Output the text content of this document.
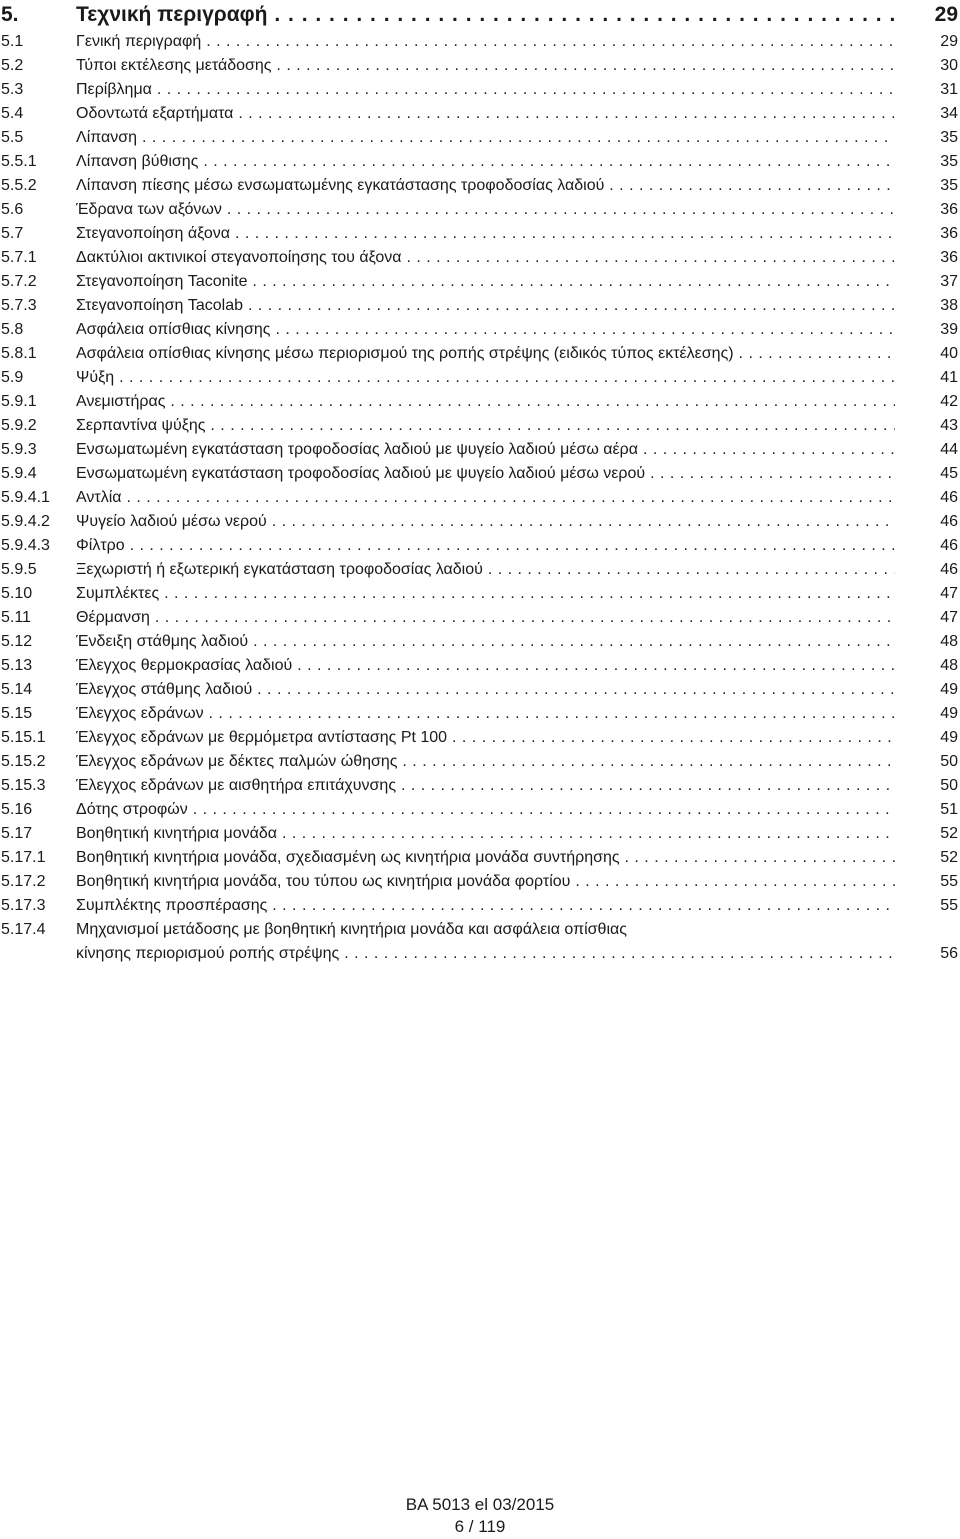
5.	Τεχνική περιγραφή . . .	29
5.1	Γενική περιγραφή . . .	29
5.2	Τύποι εκτέλεσης μετάδοσης . . .	30
5.3	Περίβλημα . . .	31
5.4	Οδοντωτά εξαρτήματα . . .	34
5.5	Λίπανση . . .	35
5.5.1 Λίπανση βύθισης . . .	35
5.5.2 Λίπανση πίεσης μέσω ενσωματωμένης εγκατάστασης τροφοδοσίας λαδιού . . .	35
5.6	Έδρανα των αξόνων . . .	36
5.7	Στεγανοποίηση άξονα . . .	36
5.7.1 Δακτύλιοι ακτινικοί στεγανοποίησης του άξονα . . .	36
5.7.2 Στεγανοποίηση Taconite . . .	37
5.7.3 Στεγανοποίηση Tacolab . . .	38
5.8	Ασφάλεια οπίσθιας κίνησης . . .	39
5.8.1 Ασφάλεια οπίσθιας κίνησης μέσω περιορισμού της ροπής στρέψης (ειδικός τύπος εκτέλεσης) . . .	40
5.9	Ψύξη . . .	41
5.9.1 Ανεμιστήρας . . .	42
5.9.2 Σερπαντίνα ψύξης . . .	43
5.9.3 Ενσωματωμένη εγκατάσταση τροφοδοσίας λαδιού με ψυγείο λαδιού μέσω αέρα . . .	44
5.9.4 Ενσωματωμένη εγκατάσταση τροφοδοσίας λαδιού με ψυγείο λαδιού μέσω νερού . . .	45
5.9.4.1 Αντλία . . .	46
5.9.4.2 Ψυγείο λαδιού μέσω νερού . . .	46
5.9.4.3 Φίλτρο . . .	46
5.9.5 Ξεχωριστή ή εξωτερική εγκατάσταση τροφοδοσίας λαδιού . . .	46
5.10	Συμπλέκτες . . .	47
5.11	Θέρμανση . . .	47
5.12	Ένδειξη στάθμης λαδιού . . .	48
5.13	Έλεγχος θερμοκρασίας λαδιού . . .	48
5.14	Έλεγχος στάθμης λαδιού . . .	49
5.15	Έλεγχος εδράνων . . .	49
5.15.1 Έλεγχος εδράνων με θερμόμετρα αντίστασης Pt 100 . . .	49
5.15.2 Έλεγχος εδράνων με δέκτες παλμών ώθησης . . .	50
5.15.3 Έλεγχος εδράνων με αισθητήρα επιτάχυνσης . . .	50
5.16	Δότης στροφών . . .	51
5.17	Βοηθητική κινητήρια μονάδα . . .	52
5.17.1 Βοηθητική κινητήρια μονάδα, σχεδιασμένη ως κινητήρια μονάδα συντήρησης . . .	52
5.17.2 Βοηθητική κινητήρια μονάδα, του τύπου ως κινητήρια μονάδα φορτίου . . .	55
5.17.3 Συμπλέκτης προσπέρασης . . .	55
5.17.4 Μηχανισμοί μετάδοσης με βοηθητική κινητήρια μονάδα και ασφάλεια οπίσθιας
κίνησης περιορισμού ροπής στρέψης . . .	56
BA 5013 el 03/2015
6 / 119
